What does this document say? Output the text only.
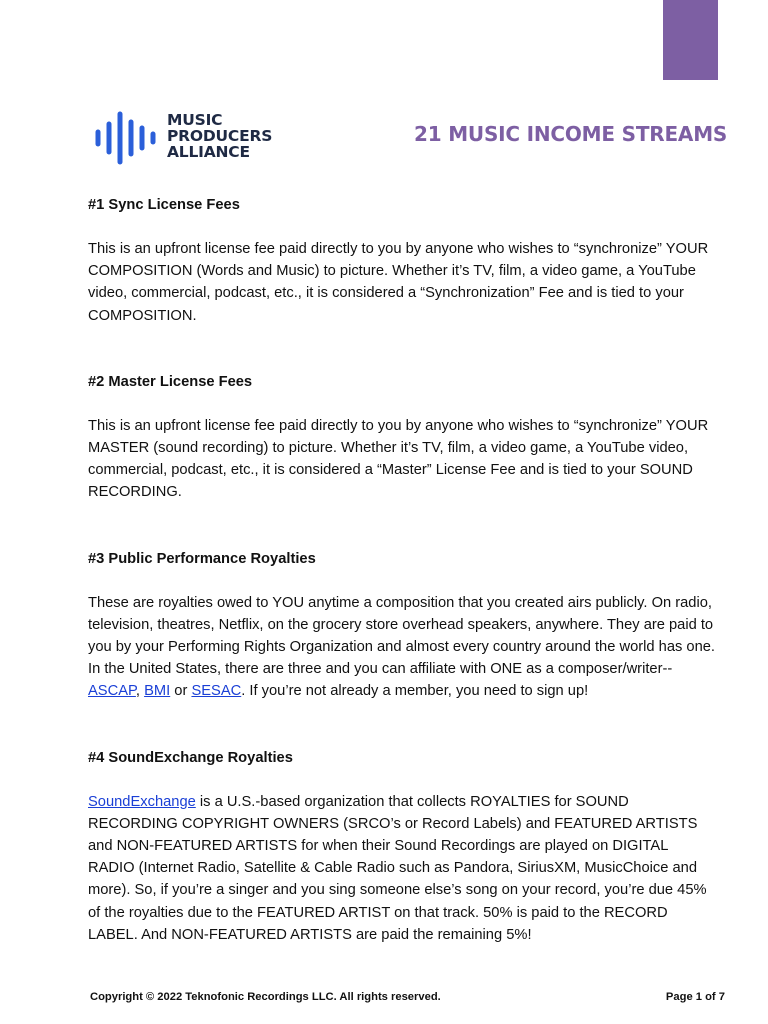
MUSIC
PRODUCERS
ALLIANCE
21 MUSIC INCOME STREAMS

#1 Sync License Fees

This is an upfront license fee paid directly to you by anyone who wishes to “synchronize” YOUR COMPOSITION (Words and Music) to picture. Whether it’s TV, film, a video game, a YouTube video, commercial, podcast, etc., it is considered a “Synchronization” Fee and is tied to your COMPOSITION.

#2 Master License Fees

This is an upfront license fee paid directly to you by anyone who wishes to “synchronize” YOUR MASTER (sound recording) to picture. Whether it’s TV, film, a video game, a YouTube video, commercial, podcast, etc., it is considered a “Master” License Fee and is tied to your SOUND RECORDING.

#3 Public Performance Royalties

These are royalties owed to YOU anytime a composition that you created airs publicly. On radio, television, theatres, Netflix, on the grocery store overhead speakers, anywhere. They are paid to you by your Performing Rights Organization and almost every country around the world has one. In the United States, there are three and you can affiliate with ONE as a composer/writer--ASCAP, BMI or SESAC. If you’re not already a member, you need to sign up!

#4 SoundExchange Royalties

SoundExchange is a U.S.-based organization that collects ROYALTIES for SOUND RECORDING COPYRIGHT OWNERS (SRCO’s or Record Labels) and FEATURED ARTISTS and NON-FEATURED ARTISTS for when their Sound Recordings are played on DIGITAL RADIO (Internet Radio, Satellite & Cable Radio such as Pandora, SiriusXM, MusicChoice and more). So, if you’re a singer and you sing someone else’s song on your record, you’re due 45% of the royalties due to the FEATURED ARTIST on that track. 50% is paid to the RECORD LABEL. And NON-FEATURED ARTISTS are paid the remaining 5%!

Copyright © 2022 Teknofonic Recordings LLC. All rights reserved.	Page 1 of 7
